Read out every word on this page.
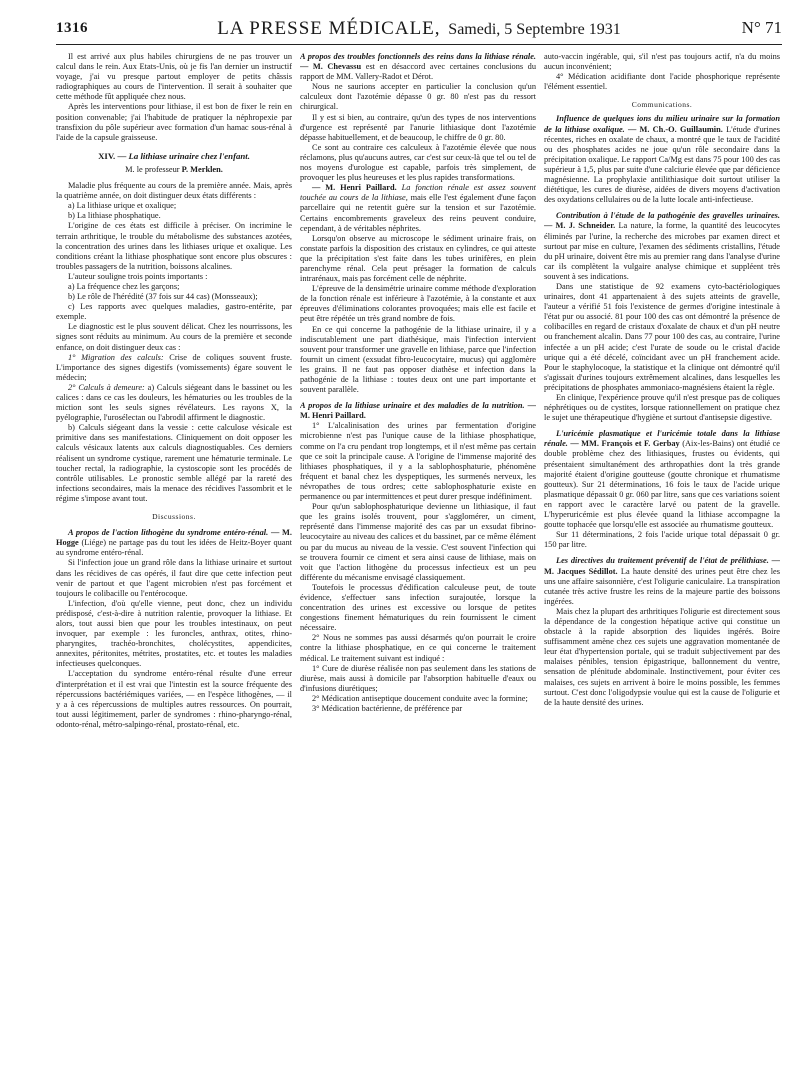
1316	LA PRESSE MÉDICALE, Samedi, 5 Septembre 1931	N° 71

Il est arrivé aux plus habiles chirurgiens de ne pas trouver un calcul dans le rein. Aux Etats-Unis, où je fis l'an dernier un instructif voyage, j'ai vu presque partout employer de petits châssis radiographiques au cours de l'intervention. Il serait à souhaiter que cette méthode fût appliquée chez nous.

Après les interventions pour lithiase, il est bon de fixer le rein en position convenable; j'ai l'habitude de pratiquer la néphropexie par transfixion du pôle supérieur avec formation d'un hamac sous-rénal à l'aide de la capsule graisseuse.

XIV. — La lithiase urinaire chez l'enfant.
M. le professeur P. Merklen.

Maladie plus fréquente au cours de la première année. Mais, après la quatrième année, on doit distinguer deux états différents :

a) La lithiase urique et oxalique;

b) La lithiase phosphatique.

L'origine de ces états est difficile à préciser. On incrimine le terrain arthritique, le trouble du métabolisme des substances azotées, la concentration des urines dans les lithiases urique et oxalique. Les conditions créant la lithiase phosphatique sont encore plus obscures : troubles passagers de la nutrition, boissons alcalines.

L'auteur souligne trois points importants :

a) La fréquence chez les garçons;

b) Le rôle de l'hérédité (37 fois sur 44 cas) (Monsseaux);

c) Les rapports avec quelques maladies, gastro-entérite, par exemple.

Le diagnostic est le plus souvent délicat. Chez les nourrissons, les signes sont réduits au minimum. Au cours de la première et seconde enfance, on doit distinguer deux cas :

1° Migration des calculs: Crise de coliques souvent fruste. L'importance des signes digestifs (vomissements) égare souvent le médecin;

2° Calculs à demeure: a) Calculs siégeant dans le bassinet ou les calices : dans ce cas les douleurs, les hématuries ou les troubles de la miction sont les seuls signes révélateurs. Les rayons X, la pyélographie, l'urosélectan ou l'abrodil affirment le diagnostic.

b) Calculs siégeant dans la vessie : cette calculose vésicale est primitive dans ses manifestations. Cliniquement on doit opposer les calculs vésicaux latents aux calculs diagnostiquables. Ces derniers réalisent un syndrome cystique, rarement une hématurie terminale. Le toucher rectal, la radiographie, la cystoscopie sont les procédés de contrôle utilisables. Le pronostic semble allégé par la rareté des infections secondaires, mais la menace des récidives l'assombrit et le régime s'impose avant tout.

Discussions.

A propos de l'action lithogène du syndrome entéro-rénal. — M. Hogge (Liége) ne partage pas du tout les idées de Heitz-Boyer quant au syndrome entéro-rénal.

Si l'infection joue un grand rôle dans la lithiase urinaire et surtout dans les récidives de cas opérés, il faut dire que cette infection peut venir de partout et que l'agent microbien n'est pas forcément et toujours le colibacille ou l'entérocoque.

L'infection, d'où qu'elle vienne, peut donc, chez un individu prédisposé, c'est-à-dire à nutrition ralentie, provoquer la lithiase. Et alors, tout aussi bien que pour les troubles intestinaux, on peut invoquer, par exemple : les furoncles, anthrax, otites, rhino-pharyngites, trachéo-bronchites, cholécystites, appendicites, annexites, péritonites, métrites, prostatites, etc. et toutes les maladies infectieuses quelconques.

L'acceptation du syndrome entéro-rénal résulte d'une erreur d'interprétation et il est vrai que l'intestin est la source fréquente des répercussions bactériémiques variées, — en l'espèce lithogènes, — il y a à ces répercussions de multiples autres ressources. On pourrait, tout aussi légitimement, parler de syndromes : rhino-pharyngo-rénal, odonto-rénal, métro-salpingo-rénal, prostato-rénal, etc.

A propos des troubles fonctionnels des reins dans la lithiase rénale. — M. Chevassu est en désaccord avec certaines conclusions du rapport de MM. Vallery-Radot et Dérot.

Nous ne saurions accepter en particulier la conclusion qu'un calculeux dont l'azotémie dépasse 0 gr. 80 n'est pas du ressort chirurgical.

Il y est si bien, au contraire, qu'un des types de nos interventions d'urgence est représenté par l'anurie lithiasique dont l'azotémie dépasse habituellement, et de beaucoup, le chiffre de 0 gr. 80.

Ce sont au contraire ces calculeux à l'azotémie élevée que nous réclamons, plus qu'aucuns autres, car c'est sur ceux-là que tel ou tel de nos moyens d'urologue est capable, parfois très simplement, de provoquer les plus heureuses et les plus rapides transformations.

— M. Henri Paillard. La fonction rénale est assez souvent touchée au cours de la lithiase, mais elle l'est également d'une façon parcellaire qui ne retentit guère sur la tension et sur l'azotémie. Certains encombrements graveleux des reins peuvent conduire, cependant, à de véritables néphrites.

Lorsqu'on observe au microscope le sédiment urinaire frais, on constate parfois la disposition des cristaux en cylindres, ce qui atteste que la précipitation s'est faite dans les tubes urinifères, en plein parenchyme rénal. Cela peut présager la formation de calculs intrarénaux, mais pas forcément celle de néphrite.

L'épreuve de la densimétrie urinaire comme méthode d'exploration de la fonction rénale est inférieure à l'azotémie, à la constante et aux épreuves d'éliminations colorantes provoquées; mais elle est facile et peut être répétée un très grand nombre de fois.

En ce qui concerne la pathogénie de la lithiase urinaire, il y a indiscutablement une part diathésique, mais l'infection intervient souvent pour transformer une gravelle en lithiase, parce que l'infection fournit un ciment (exsudat fibro-leucocytaire, mucus) qui agglomère les grains. Il ne faut pas opposer diathèse et infection dans la pathogénie de la lithiase : toutes deux ont une part importante et souvent parallèle.

A propos de la lithiase urinaire et des maladies de la nutrition. — M. Henri Paillard.

1° L'alcalinisation des urines par fermentation d'origine microbienne n'est pas l'unique cause de la lithiase phosphatique, comme on l'a cru pendant trop longtemps, et il n'est même pas certain que ce soit la principale cause. A l'origine de l'immense majorité des lithiases phosphatiques, il y a la sablophosphaturie, phénomène fréquent et banal chez les dyspeptiques, les surmenés nerveux, les névropathes de tous ordres; cette sablophosphaturie existe en permanence ou par intermittences et peut durer presque indéfiniment.

Pour qu'un sablophosphaturique devienne un lithiasique, il faut que les grains isolés trouvent, pour s'agglomérer, un ciment, représenté dans l'immense majorité des cas par un exsudat fibrino-leucocytaire au niveau des calices et du bassinet, par ce même élément ou par du mucus au niveau de la vessie. C'est souvent l'infection qui se trouvera fournir ce ciment et sera ainsi cause de lithiase, mais on voit que l'action lithogène du processus infectieux est un peu différente du mécanisme envisagé classiquement.

Toutefois le processus d'édification calculeuse peut, de toute évidence, s'effectuer sans infection surajoutée, lorsque la concentration des urines est excessive ou lorsque de petites congestions finement hématuriques du rein fournissent le ciment nécessaire.

2° Nous ne sommes pas aussi désarmés qu'on pourrait le croire contre la lithiase phosphatique, en ce qui concerne le traitement médical. Le traitement suivant est indiqué :

1° Cure de diurèse réalisée non pas seulement dans les stations de diurèse, mais aussi à domicile par l'absorption habituelle d'eaux ou d'infusions diurétiques;

2° Médication antiseptique doucement conduite avec la formine;

3° Médication bactérienne, de préférence par

auto-vaccin ingérable, qui, s'il n'est pas toujours actif, n'a du moins aucun inconvénient;

4° Médication acidifiante dont l'acide phosphorique représente l'élément essentiel.

Communications.

Influence de quelques ions du milieu urinaire sur la formation de la lithiase oxalique. — M. Ch.-O. Guillaumin. L'étude d'urines récentes, riches en oxalate de chaux, a montré que le taux de l'acidité ou des phosphates acides ne joue qu'un rôle secondaire dans la précipitation oxalique. Le rapport Ca/Mg est dans 75 pour 100 des cas supérieur à 1,5, plus par suite d'une calciurie élevée que par déficience magnésienne. La prophylaxie antilithiasique doit surtout utiliser la diététique, les cures de diurèse, aidées de divers moyens d'activation des oxydations cellulaires ou de la lutte locale anti-infectieuse.

Contribution à l'étude de la pathogénie des gravelles urinaires. — M. J. Schneider. La nature, la forme, la quantité des leucocytes éliminés par l'urine, la recherche des microbes par examen direct et surtout par mise en culture, l'examen des sédiments cristallins, l'étude du pH urinaire, doivent être mis au premier rang dans l'analyse d'urine car ils complètent la vulgaire analyse chimique et suppléent très souvent à ses indications.

Dans une statistique de 92 examens cyto-bactériologiques urinaires, dont 41 appartenaient à des sujets atteints de gravelle, l'auteur a vérifié 51 fois l'existence de germes d'origine intestinale à l'état pur ou associé. 81 pour 100 des cas ont démontré la présence de colibacilles en regard de cristaux d'oxalate de chaux et d'un pH neutre ou franchement alcalin. Dans 77 pour 100 des cas, au contraire, l'urine infectée a un pH acide; c'est l'urate de soude ou le cristal d'acide urique qui a été décelé, coïncidant avec un pH franchement acide. Pour le staphylocoque, la statistique et la clinique ont démontré qu'il s'agissait d'urines toujours extrêmement alcalines, dans lesquelles les précipitations de phosphates ammoniaco-magnésiens étaient la règle.

En clinique, l'expérience prouve qu'il n'est presque pas de coliques néphrétiques ou de cystites, lorsque rationnellement on pratique chez le sujet une thérapeutique d'hygiène et surtout d'antisepsie digestive.

L'uricémie plasmatique et l'uricémie totale dans la lithiase rénale. — MM. François et F. Gerbay (Aix-les-Bains) ont étudié ce double problème chez des lithiasiques, frustes ou évidents, qui présentaient simultanément des arthropathies dont la très grande majorité étaient d'origine goutteuse (goutte chronique et rhumatisme goutteux). Sur 21 déterminations, 16 fois le taux de l'acide urique plasmatique dépassait 0 gr. 060 par litre, sans que ces variations soient en rapport avec le caractère larvé ou patent de la gravelle. L'hyperuricémie est plus élevée quand la lithiase accompagne la goutte tophacée que lorsqu'elle est associée au rhumatisme goutteux.

Sur 11 déterminations, 2 fois l'acide urique total dépassait 0 gr. 150 par litre.

Les directives du traitement préventif de l'état de prélithiase. — M. Jacques Sédillot. La haute densité des urines peut être chez les uns une affaire saisonnière, c'est l'oligurie caniculaire. La transpiration cutanée très active frustre les reins de la majeure partie des boissons ingérées.

Mais chez la plupart des arthritiques l'oligurie est directement sous la dépendance de la congestion hépatique active qui constitue un obstacle à la rapide absorption des liquides ingérés. Boire suffisamment amène chez ces sujets une aggravation momentanée de leur état d'hypertension portale, qui se traduit subjectivement par des malaises pénibles, tension épigastrique, ballonnement du ventre, sensation de plénitude abdominale. Instinctivement, pour éviter ces malaises, ces sujets en arrivent à boire le moins possible, les femmes surtout. C'est donc l'oligodypsie voulue qui est la cause de l'oligurie et de la haute densité des urines.
